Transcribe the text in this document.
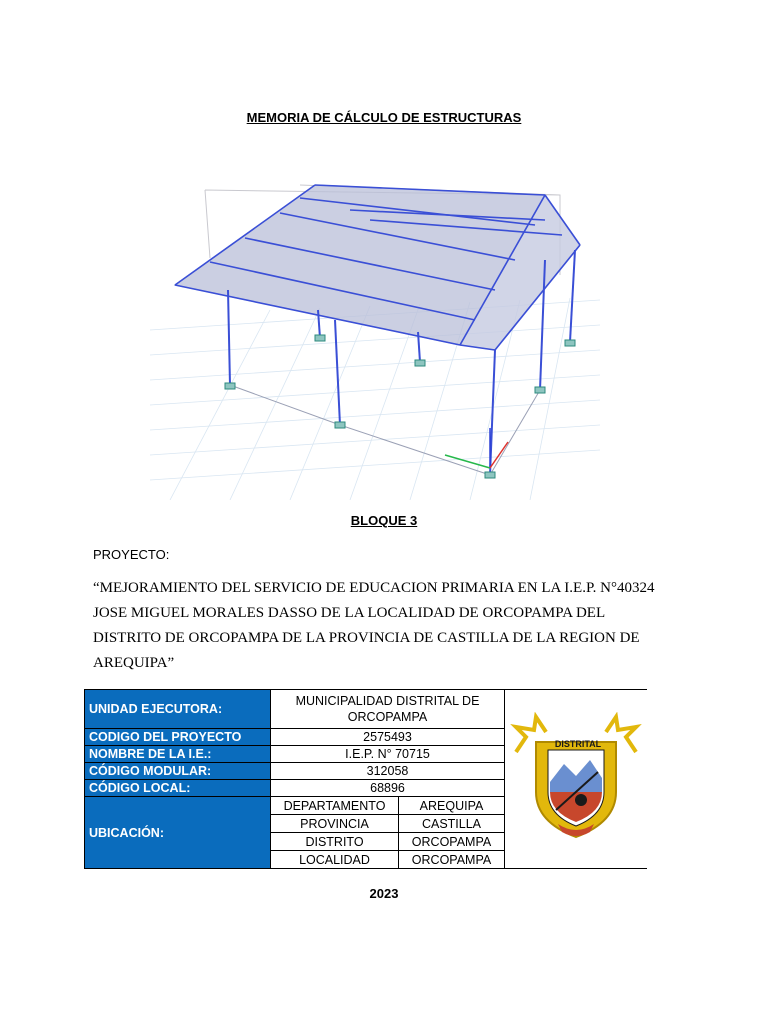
MEMORIA DE CÁLCULO DE ESTRUCTURAS
BLOQUE 3
PROYECTO:
“MEJORAMIENTO DEL SERVICIO DE EDUCACION PRIMARIA EN LA I.E.P. N°40324 JOSE MIGUEL MORALES DASSO DE LA LOCALIDAD DE ORCOPAMPA DEL DISTRITO DE ORCOPAMPA DE LA PROVINCIA DE CASTILLA DE LA REGION DE AREQUIPA”
UNIDAD EJECUTORA:	MUNICIPALIDAD DISTRITAL DE ORCOPAMPA		DISTRITAL

CODIGO DEL PROYECTO	2575493		
NOMBRE DE LA I.E.:	I.E.P. N° 70715		
CÓDIGO MODULAR:	312058		
CÓDIGO LOCAL:	68896		
UBICACIÓN:	DEPARTAMENTO	AREQUIPA	
	PROVINCIA	CASTILLA	
	DISTRITO	ORCOPAMPA	
	LOCALIDAD	ORCOPAMPA	
2023
